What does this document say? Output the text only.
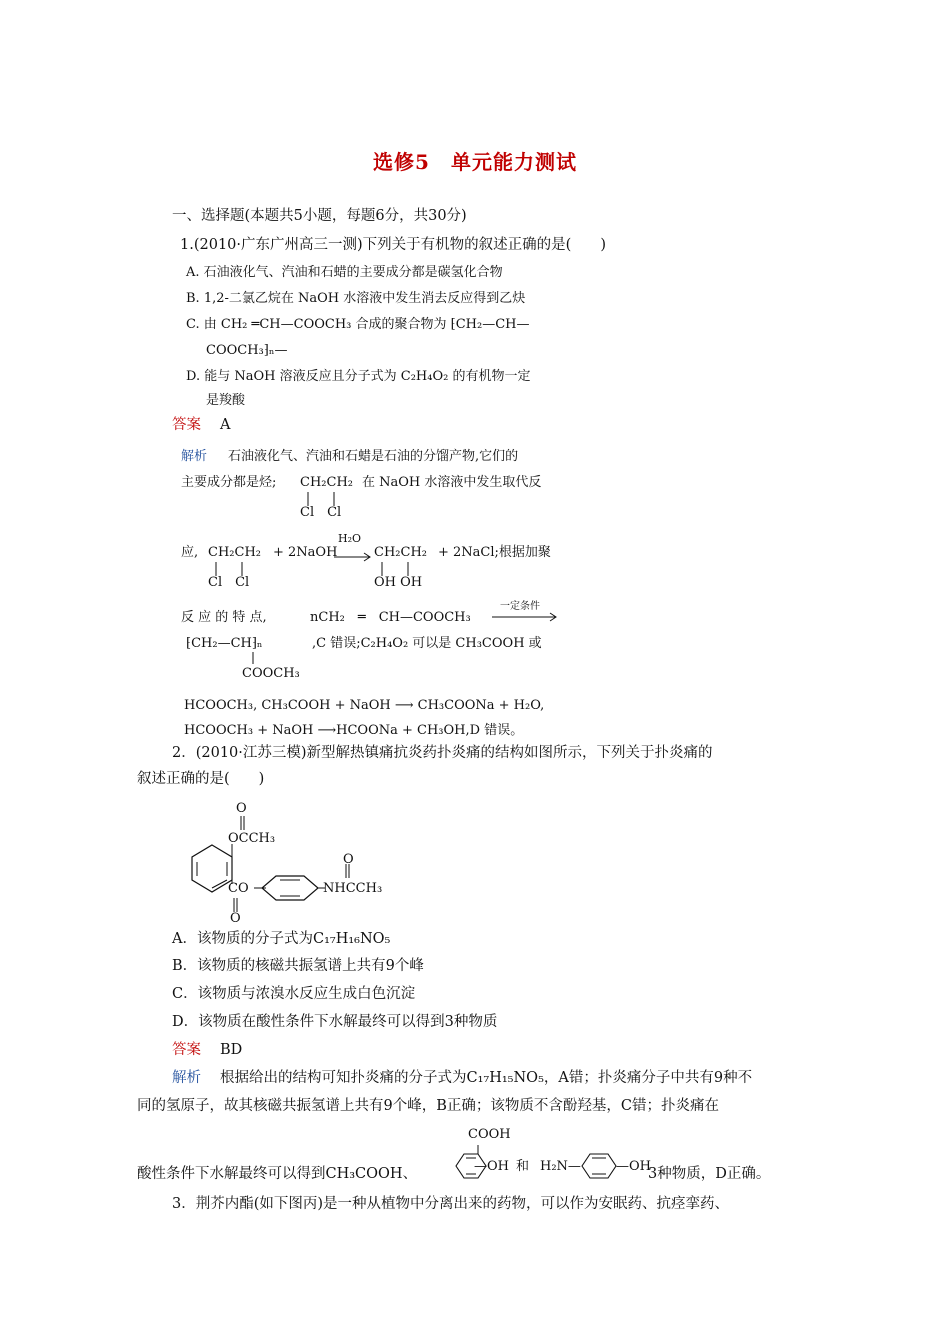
选修5　单元能力测试
一、选择题(本题共5小题，每题6分，共30分)
1.(2010·广东广州高三一测)下列关于有机物的叙述正确的是(　　)
A. 石油液化气、汽油和石蜡的主要成分都是碳氢化合物
B. 1,2-二氯乙烷在 NaOH 水溶液中发生消去反应得到乙炔
C. 由 CH₂ ═CH—COOCH₃ 合成的聚合物为 ⁅CH₂—CH—
COOCH₃⁆ₙ—
D. 能与 NaOH 溶液反应且分子式为 C₂H₄O₂ 的有机物一定
是羧酸
答案 A
解析 石油液化气、汽油和石蜡是石油的分馏产物,它们的
主要成分都是烃; CH₂CH₂ 在 NaOH 水溶液中发生取代反
Cl　Cl
应, CH₂CH₂
Cl　Cl
+ 2NaOH
H₂O
CH₂CH₂
OH OH
+ 2NaCl;根据加聚
反 应 的 特 点,	nCH₂　═　CH—COOCH₃
一定条件
⁅CH₂—CH⁆ₙ
COOCH₃
,C 错误;C₂H₄O₂ 可以是 CH₃COOH 或
HCOOCH₃, CH₃COOH + NaOH ⟶ CH₃COONa + H₂O,
HCOOCH₃ + NaOH ⟶HCOONa + CH₃OH,D 错误。
2．(2010·江苏三模)新型解热镇痛抗炎药扑炎痛的结构如图所示，下列关于扑炎痛的
叙述正确的是(　　)
O
OCCH₃
CO
O
O
NHCCH₃
A．该物质的分子式为C₁₇H₁₆NO₅
B．该物质的核磁共振氢谱上共有9个峰
C．该物质与浓溴水反应生成白色沉淀
D．该物质在酸性条件下水解最终可以得到3种物质
答案 BD
解析 根据给出的结构可知扑炎痛的分子式为C₁₇H₁₅NO₅，A错；扑炎痛分子中共有9种不
同的氢原子，故其核磁共振氢谱上共有9个峰，B正确；该物质不含酚羟基，C错；扑炎痛在
COOH
酸性条件下水解最终可以得到CH₃COOH、	—OH 和 H₂N—	—OH
3种物质，D正确。
3．荆芥内酯(如下图丙)是一种从植物中分离出来的药物，可以作为安眠药、抗痉挛药、
